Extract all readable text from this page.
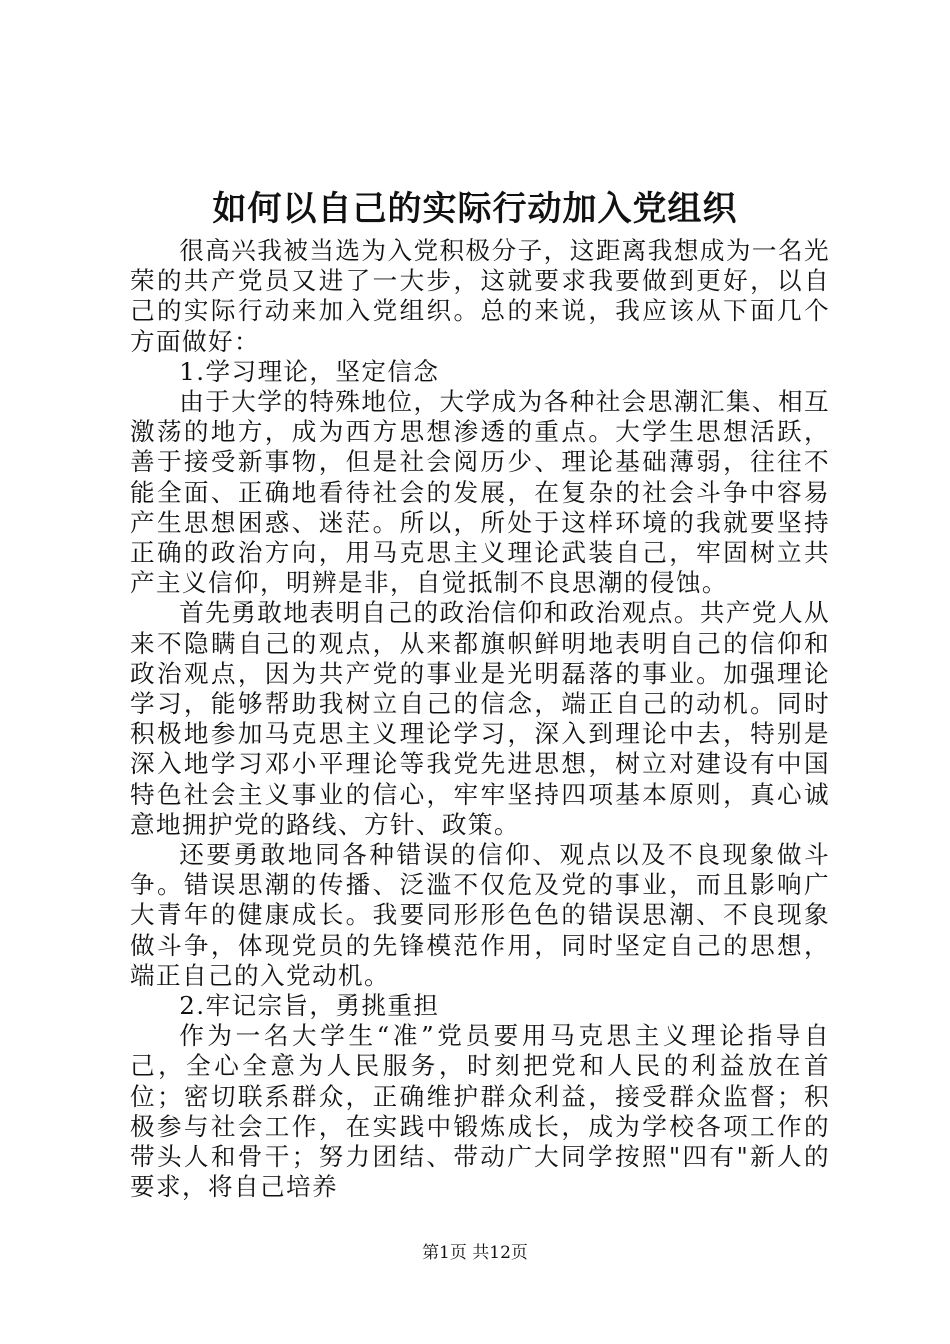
如何以自己的实际行动加入党组织

很高兴我被当选为入党积极分子，这距离我想成为一名光荣的共产党员又进了一大步，这就要求我要做到更好，以自己的实际行动来加入党组织。总的来说，我应该从下面几个方面做好：

1.学习理论，坚定信念

由于大学的特殊地位，大学成为各种社会思潮汇集、相互激荡的地方，成为西方思想渗透的重点。大学生思想活跃，善于接受新事物，但是社会阅历少、理论基础薄弱，往往不能全面、正确地看待社会的发展，在复杂的社会斗争中容易产生思想困惑、迷茫。所以，所处于这样环境的我就要坚持正确的政治方向，用马克思主义理论武装自己，牢固树立共产主义信仰，明辨是非，自觉抵制不良思潮的侵蚀。

首先勇敢地表明自己的政治信仰和政治观点。共产党人从来不隐瞒自己的观点，从来都旗帜鲜明地表明自己的信仰和政治观点，因为共产党的事业是光明磊落的事业。加强理论学习，能够帮助我树立自己的信念，端正自己的动机。同时积极地参加马克思主义理论学习，深入到理论中去，特别是深入地学习邓小平理论等我党先进思想，树立对建设有中国特色社会主义事业的信心，牢牢坚持四项基本原则，真心诚意地拥护党的路线、方针、政策。

还要勇敢地同各种错误的信仰、观点以及不良现象做斗争。错误思潮的传播、泛滥不仅危及党的事业，而且影响广大青年的健康成长。我要同形形色色的错误思潮、不良现象做斗争，体现党员的先锋模范作用，同时坚定自己的思想，端正自己的入党动机。

2.牢记宗旨，勇挑重担

作为一名大学生“准”党员要用马克思主义理论指导自己，全心全意为人民服务，时刻把党和人民的利益放在首位；密切联系群众，正确维护群众利益，接受群众监督；积极参与社会工作，在实践中锻炼成长，成为学校各项工作的带头人和骨干；努力团结、带动广大同学按照"四有"新人的要求，将自己培养

第1页 共12页
